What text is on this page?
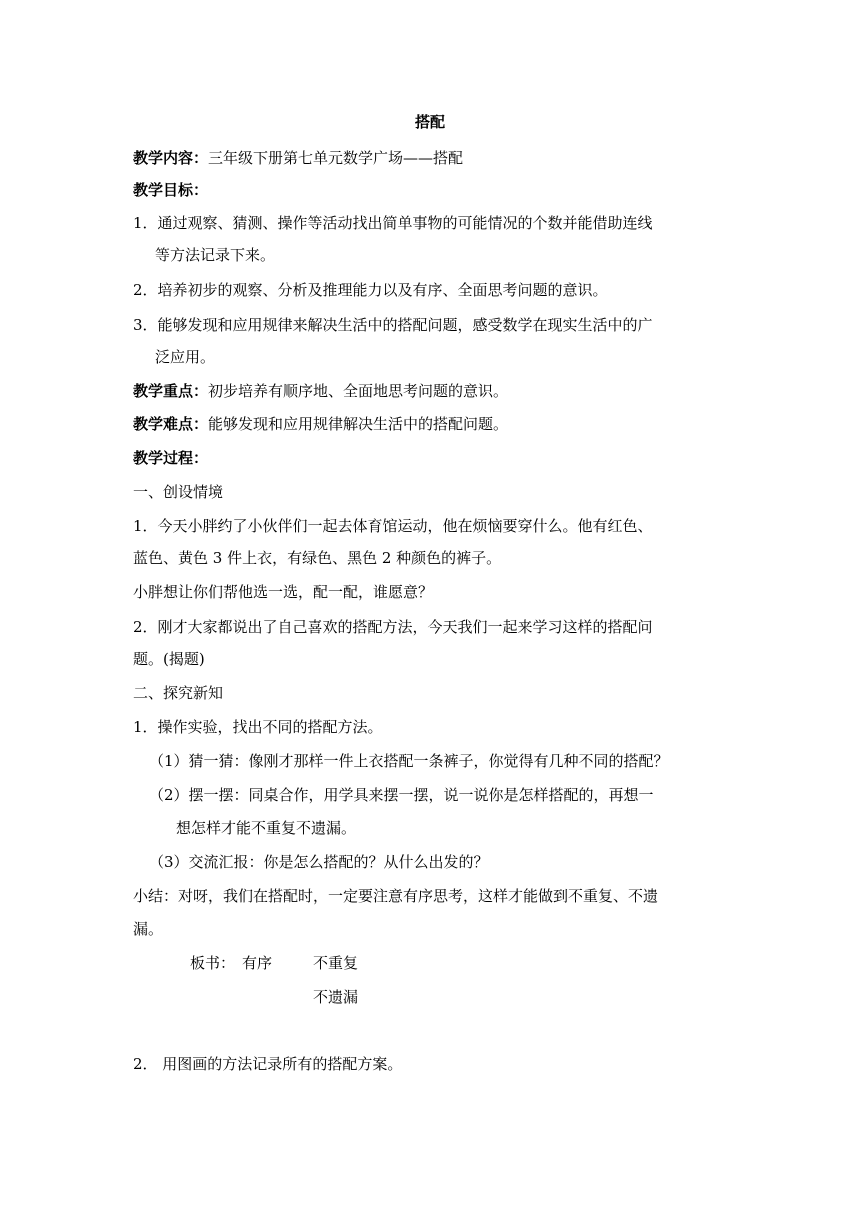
搭配
教学内容：三年级下册第七单元数学广场——搭配
教学目标：
1．通过观察、猜测、操作等活动找出简单事物的可能情况的个数并能借助连线
等方法记录下来。
2．培养初步的观察、分析及推理能力以及有序、全面思考问题的意识。
3．能够发现和应用规律来解决生活中的搭配问题，感受数学在现实生活中的广
泛应用。
教学重点：初步培养有顺序地、全面地思考问题的意识。
教学难点：能够发现和应用规律解决生活中的搭配问题。
教学过程：
一、创设情境
1．今天小胖约了小伙伴们一起去体育馆运动，他在烦恼要穿什么。他有红色、
蓝色、黄色 3 件上衣，有绿色、黑色 2 种颜色的裤子。
小胖想让你们帮他选一选，配一配，谁愿意？
2．刚才大家都说出了自己喜欢的搭配方法，今天我们一起来学习这样的搭配问
题。(揭题)
二、探究新知
1．操作实验，找出不同的搭配方法。
（1）猜一猜：像刚才那样一件上衣搭配一条裤子，你觉得有几种不同的搭配？
（2）摆一摆：同桌合作，用学具来摆一摆，说一说你是怎样搭配的，再想一
想怎样才能不重复不遗漏。
（3）交流汇报：你是怎么搭配的？从什么出发的？
小结：对呀，我们在搭配时，一定要注意有序思考，这样才能做到不重复、不遗
漏。
板书： 有序	不重复
不遗漏
2． 用图画的方法记录所有的搭配方案。
